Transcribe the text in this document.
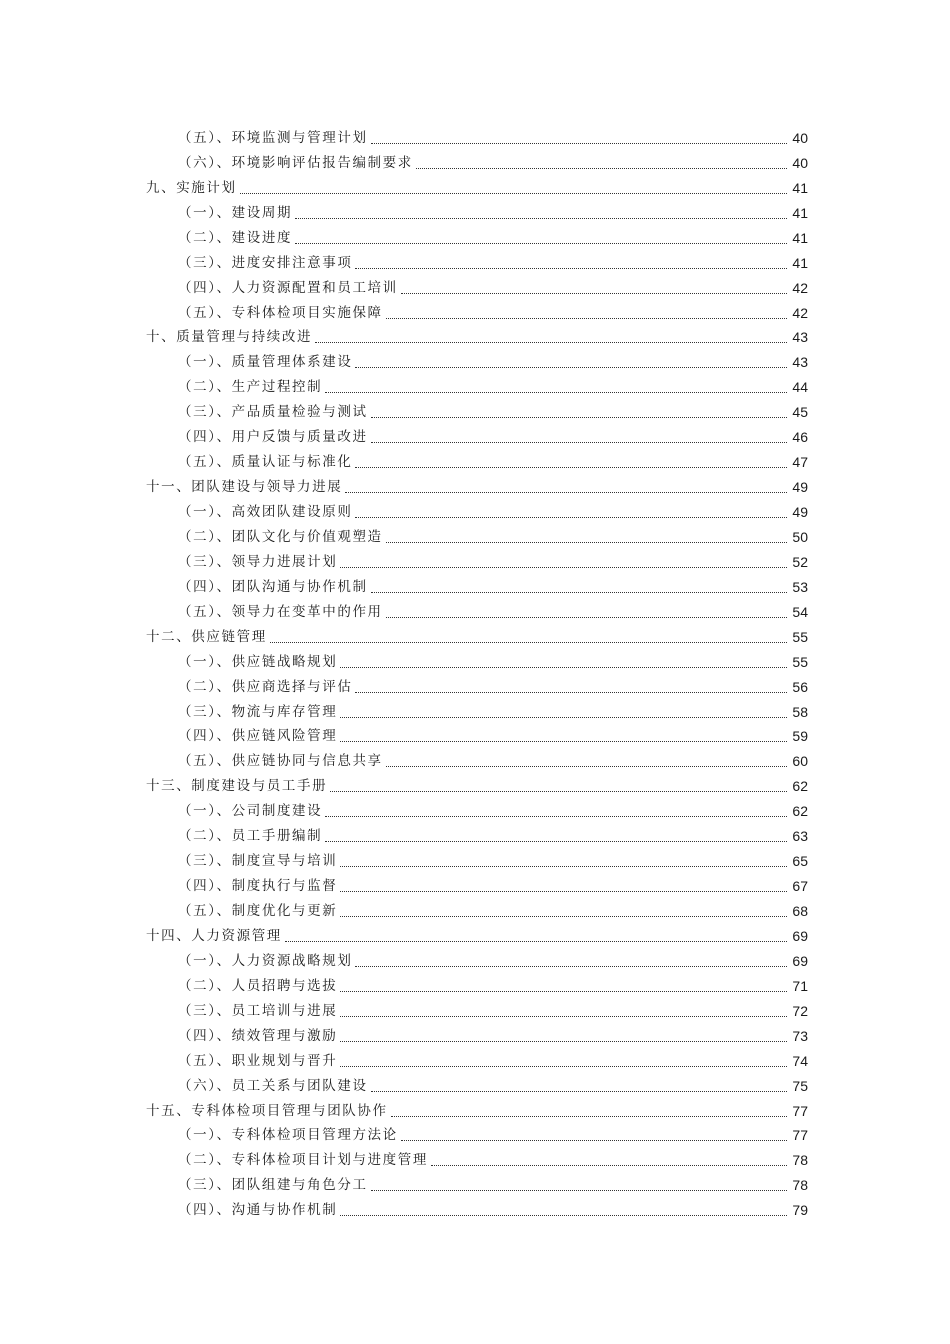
（五）、环境监测与管理计划	40
（六）、环境影响评估报告编制要求	40
九、实施计划	41
（一）、建设周期	41
（二）、建设进度	41
（三）、进度安排注意事项	41
（四）、人力资源配置和员工培训	42
（五）、专科体检项目实施保障	42
十、质量管理与持续改进	43
（一）、质量管理体系建设	43
（二）、生产过程控制	44
（三）、产品质量检验与测试	45
（四）、用户反馈与质量改进	46
（五）、质量认证与标准化	47
十一、团队建设与领导力进展	49
（一）、高效团队建设原则	49
（二）、团队文化与价值观塑造	50
（三）、领导力进展计划	52
（四）、团队沟通与协作机制	53
（五）、领导力在变革中的作用	54
十二、供应链管理	55
（一）、供应链战略规划	55
（二）、供应商选择与评估	56
（三）、物流与库存管理	58
（四）、供应链风险管理	59
（五）、供应链协同与信息共享	60
十三、制度建设与员工手册	62
（一）、公司制度建设	62
（二）、员工手册编制	63
（三）、制度宣导与培训	65
（四）、制度执行与监督	67
（五）、制度优化与更新	68
十四、人力资源管理	69
（一）、人力资源战略规划	69
（二）、人员招聘与选拔	71
（三）、员工培训与进展	72
（四）、绩效管理与激励	73
（五）、职业规划与晋升	74
（六）、员工关系与团队建设	75
十五、专科体检项目管理与团队协作	77
（一）、专科体检项目管理方法论	77
（二）、专科体检项目计划与进度管理	78
（三）、团队组建与角色分工	78
（四）、沟通与协作机制	79
